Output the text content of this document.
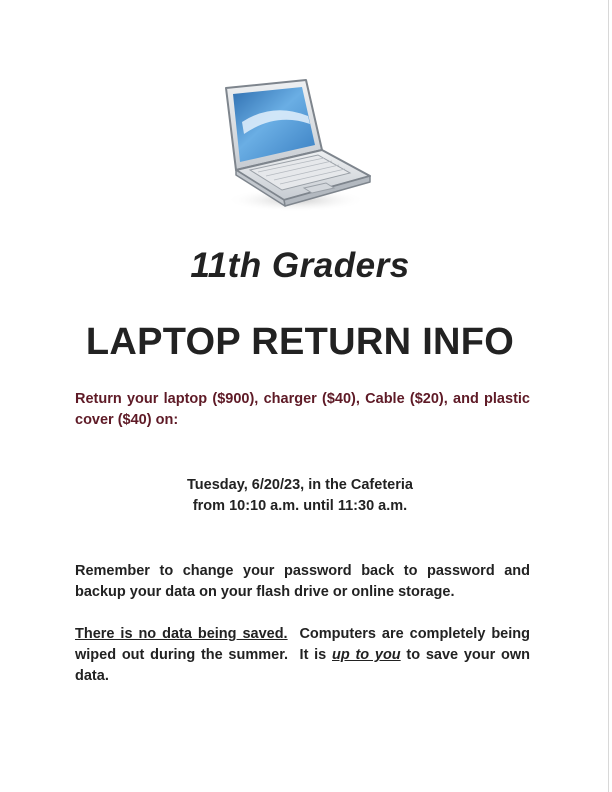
11th Graders
LAPTOP RETURN INFO
Return your laptop ($900), charger ($40), Cable ($20), and plastic cover ($40) on:
Tuesday, 6/20/23, in the Cafeteria
from 10:10 a.m. until 11:30 a.m.
Remember to change your password back to password and backup your data on your flash drive or online storage.
There is no data being saved.  Computers are completely being wiped out during the summer.  It is up to you to save your own data.
